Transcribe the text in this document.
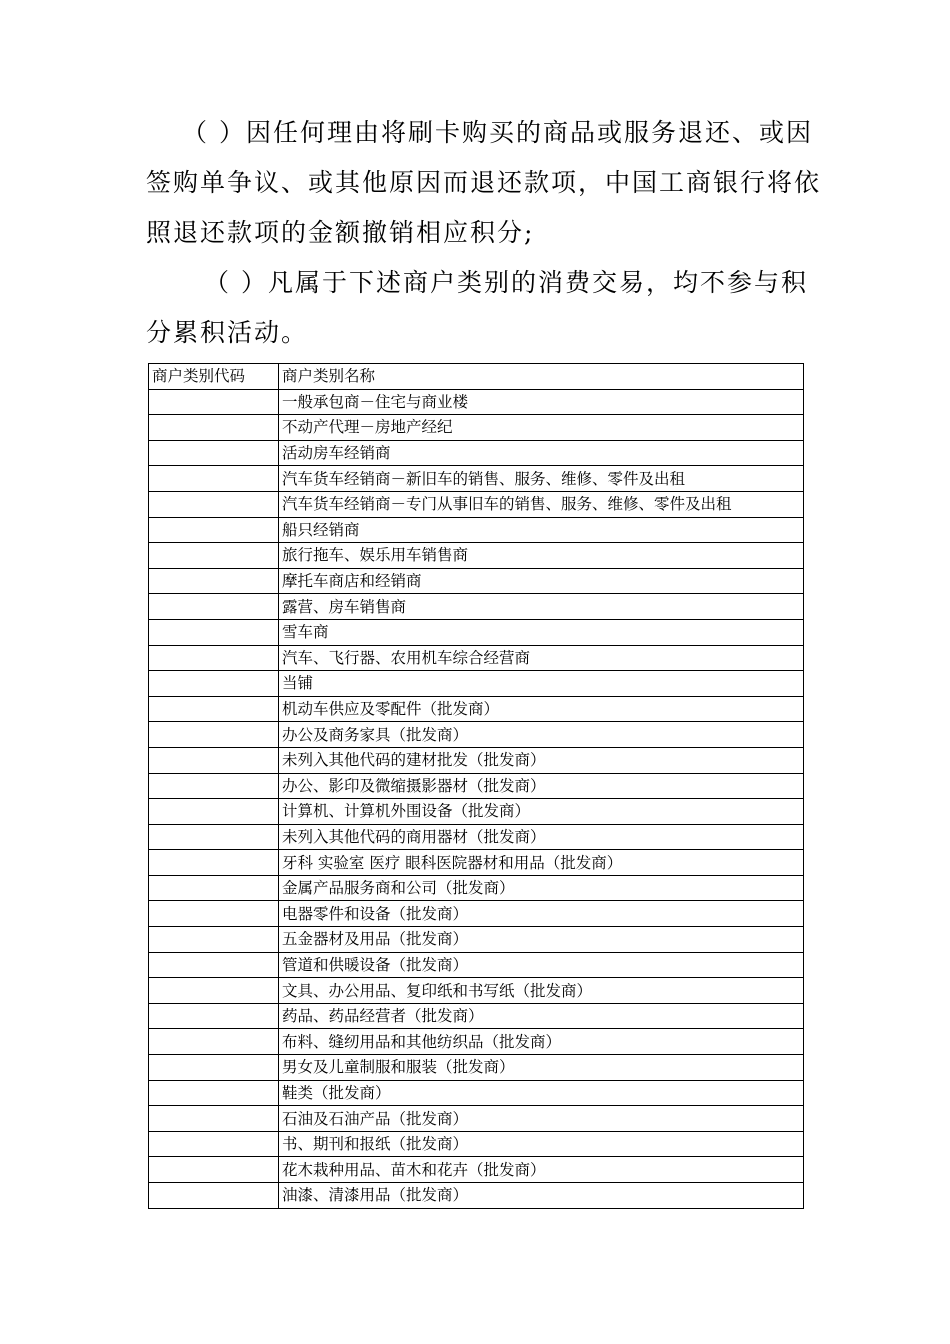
（ ）因任何理由将刷卡购买的商品或服务退还、或因签购单争议、或其他原因而退还款项，中国工商银行将依照退还款项的金额撤销相应积分;

（ ）凡属于下述商户类别的消费交易，均不参与积分累积活动。

商户类别代码	商户类别名称
	一般承包商－住宅与商业楼
	不动产代理－房地产经纪
	活动房车经销商
	汽车货车经销商－新旧车的销售、服务、维修、零件及出租
	汽车货车经销商－专门从事旧车的销售、服务、维修、零件及出租
	船只经销商
	旅行拖车、娱乐用车销售商
	摩托车商店和经销商
	露营、房车销售商
	雪车商
	汽车、飞行器、农用机车综合经营商
	当铺
	机动车供应及零配件（批发商）
	办公及商务家具（批发商）
	未列入其他代码的建材批发（批发商）
	办公、影印及微缩摄影器材（批发商）
	计算机、计算机外围设备（批发商）
	未列入其他代码的商用器材（批发商）
	牙科 实验室 医疗 眼科医院器材和用品（批发商）
	金属产品服务商和公司（批发商）
	电器零件和设备（批发商）
	五金器材及用品（批发商）
	管道和供暖设备（批发商）
	文具、办公用品、复印纸和书写纸（批发商）
	药品、药品经营者（批发商）
	布料、缝纫用品和其他纺织品（批发商）
	男女及儿童制服和服装（批发商）
	鞋类（批发商）
	石油及石油产品（批发商）
	书、期刊和报纸（批发商）
	花木栽种用品、苗木和花卉（批发商）
	油漆、清漆用品（批发商）
